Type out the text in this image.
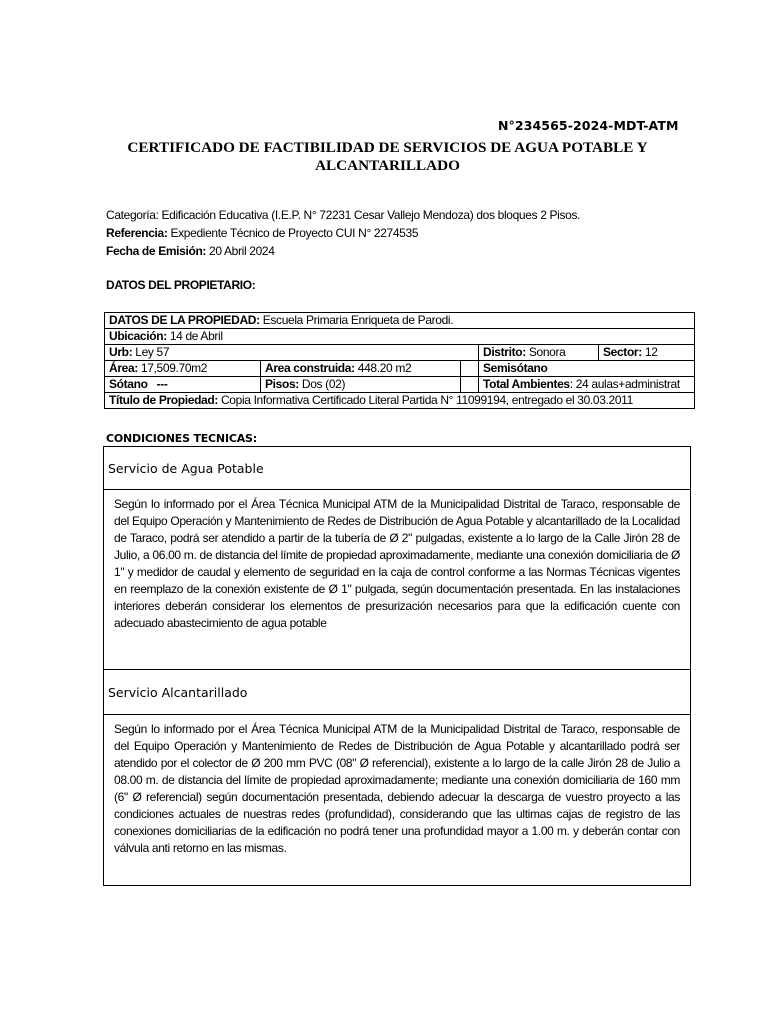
N°234565-2024-MDT-ATM
CERTIFICADO DE FACTIBILIDAD DE SERVICIOS DE AGUA POTABLE Y ALCANTARILLADO
Categoría: Edificación Educativa (I.E.P. N° 72231 Cesar Vallejo Mendoza) dos bloques 2 Pisos.
Referencia: Expediente Técnico de Proyecto CUI N° 2274535
Fecha de Emisión: 20 Abril 2024
DATOS DEL PROPIETARIO:
DATOS DE LA PROPIEDAD: Escuela Primaria Enriqueta de Parodi.				
Ubicación: 14 de Abril				
Urb: Ley 57			Distrito: Sonora	Sector: 12
Área: 17,509.70m2	Area construida: 448.20 m2		Semisótano	
Sótano   ---	Pisos: Dos (02)		Total Ambientes: 24 aulas+administrat	
Título de Propiedad: Copia Informativa Certificado Literal Partida N° 11099194, entregado el 30.03.2011				
CONDICIONES TECNICAS:
Servicio de Agua Potable
Según lo informado por el Área Técnica Municipal ATM de la Municipalidad Distrital de Taraco, responsable de del Equipo Operación y Mantenimiento de Redes de Distribución de Agua Potable y alcantarillado de la Localidad de Taraco, podrá ser atendido a partir de la tubería de Ø 2" pulgadas, existente a lo largo de la Calle Jirón 28 de Julio, a 06.00 m. de distancia del límite de propiedad aproximadamente, mediante una conexión domiciliaria de Ø 1" y medidor de caudal y elemento de seguridad en la caja de control conforme a las Normas Técnicas vigentes en reemplazo de la conexión existente de Ø 1" pulgada, según documentación presentada. En las instalaciones interiores deberán considerar los elementos de presurización necesarios para que la edificación cuente con adecuado abastecimiento de agua potable
Servicio Alcantarillado
Según lo informado por el Área Técnica Municipal ATM de la Municipalidad Distrital de Taraco, responsable de del Equipo Operación y Mantenimiento de Redes de Distribución de Agua Potable y alcantarillado podrá ser atendido por el colector de Ø 200 mm PVC (08" Ø referencial), existente a lo largo de la calle Jirón 28 de Julio a 08.00 m. de distancia del límite de propiedad aproximadamente; mediante una conexión domiciliaria de 160 mm (6" Ø referencial) según documentación presentada, debiendo adecuar la descarga de vuestro proyecto a las condiciones actuales de nuestras redes (profundidad), considerando que las ultimas cajas de registro de las conexiones domiciliarias de la edificación no podrá tener una profundidad mayor a 1.00 m. y deberán contar con válvula anti retorno en las mismas.
